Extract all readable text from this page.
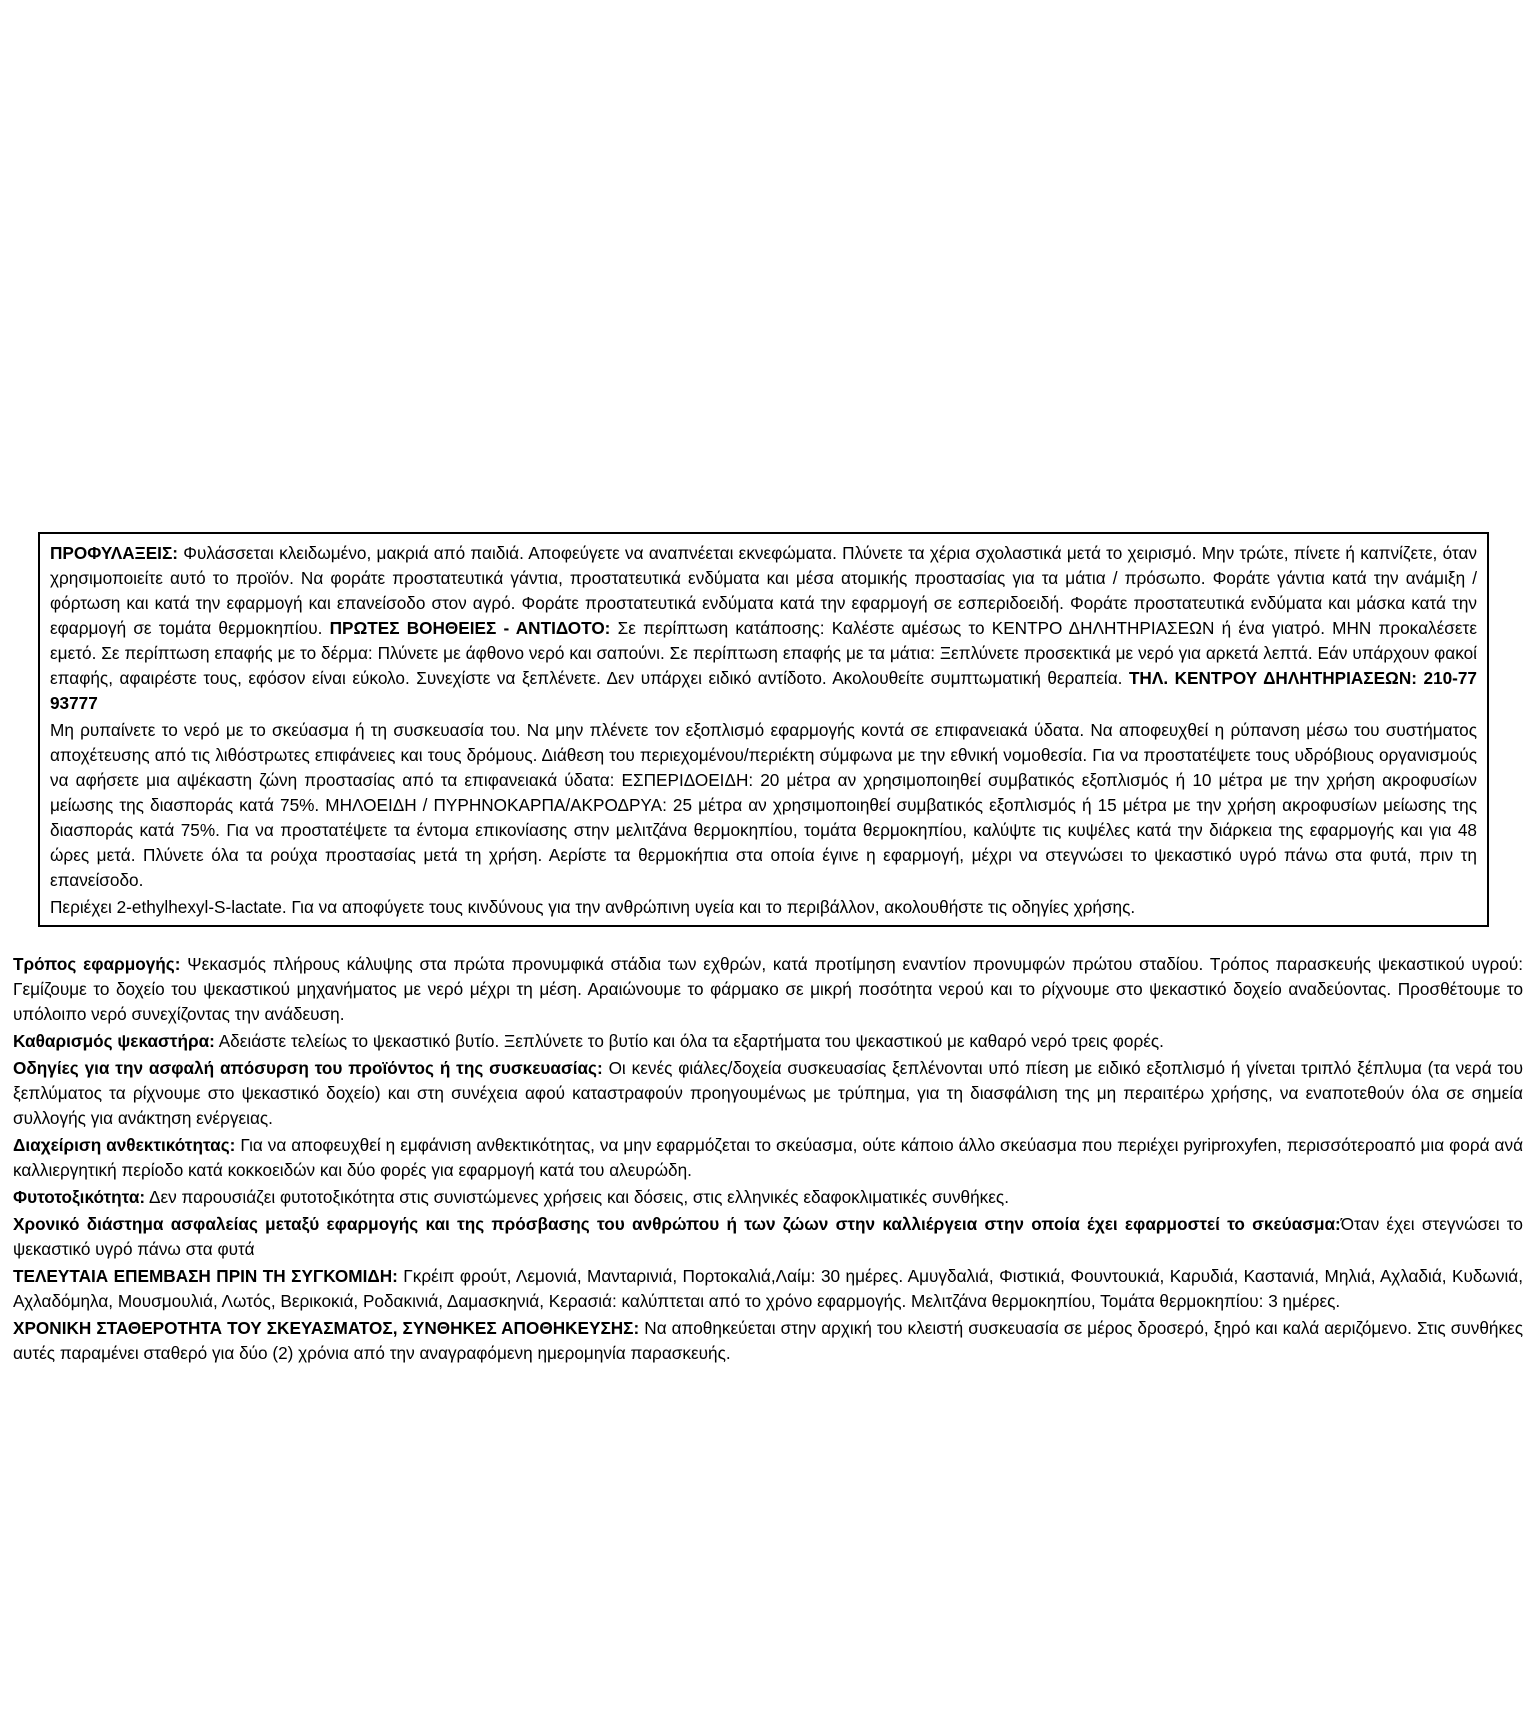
ΠΡΟΦΥΛΑΞΕΙΣ: Φυλάσσεται κλειδωμένο, μακριά από παιδιά. Αποφεύγετε να αναπνέεται εκνεφώματα. Πλύνετε τα χέρια σχολαστικά μετά το χειρισμό. Μην τρώτε, πίνετε ή καπνίζετε, όταν χρησιμοποιείτε αυτό το προϊόν. Να φοράτε προστατευτικά γάντια, προστατευτικά ενδύματα και μέσα ατομικής προστασίας για τα μάτια / πρόσωπο. Φοράτε γάντια κατά την ανάμιξη / φόρτωση και κατά την εφαρμογή και επανείσοδο στον αγρό. Φοράτε προστατευτικά ενδύματα κατά την εφαρμογή σε εσπεριδοειδή. Φοράτε προστατευτικά ενδύματα και μάσκα κατά την εφαρμογή σε τομάτα θερμοκηπίου. ΠΡΩΤΕΣ ΒΟΗΘΕΙΕΣ - ΑΝΤΙΔΟΤΟ: Σε περίπτωση κατάποσης: Καλέστε αμέσως το ΚΕΝΤΡΟ ΔΗΛΗΤΗΡΙΑΣΕΩΝ ή ένα γιατρό. ΜΗΝ προκαλέσετε εμετό. Σε περίπτωση επαφής με το δέρμα: Πλύνετε με άφθονο νερό και σαπούνι. Σε περίπτωση επαφής με τα μάτια: Ξεπλύνετε προσεκτικά με νερό για αρκετά λεπτά. Εάν υπάρχουν φακοί επαφής, αφαιρέστε τους, εφόσον είναι εύκολο. Συνεχίστε να ξεπλένετε. Δεν υπάρχει ειδικό αντίδοτο. Ακολουθείτε συμπτωματική θεραπεία. ΤΗΛ. ΚΕΝΤΡΟΥ ΔΗΛΗΤΗΡΙΑΣΕΩΝ: 210-77 93777

Μη ρυπαίνετε το νερό με το σκεύασμα ή τη συσκευασία του. Να μην πλένετε τον εξοπλισμό εφαρμογής κοντά σε επιφανειακά ύδατα. Να αποφευχθεί η ρύπανση μέσω του συστήματος αποχέτευσης από τις λιθόστρωτες επιφάνειες και τους δρόμους. Διάθεση του περιεχομένου/περιέκτη σύμφωνα με την εθνική νομοθεσία. Για να προστατέψετε τους υδρόβιους οργανισμούς να αφήσετε μια αψέκαστη ζώνη προστασίας από τα επιφανειακά ύδατα: ΕΣΠΕΡΙΔΟΕΙΔΗ: 20 μέτρα αν χρησιμοποιηθεί συμβατικός εξοπλισμός ή 10 μέτρα με την χρήση ακροφυσίων μείωσης της διασποράς κατά 75%. ΜΗΛΟΕΙΔΗ / ΠΥΡΗΝΟΚΑΡΠΑ/ΑΚΡΟΔΡΥΑ: 25 μέτρα αν χρησιμοποιηθεί συμβατικός εξοπλισμός ή 15 μέτρα με την χρήση ακροφυσίων μείωσης της διασποράς κατά 75%. Για να προστατέψετε τα έντομα επικονίασης στην μελιτζάνα θερμοκηπίου, τομάτα θερμοκηπίου, καλύψτε τις κυψέλες κατά την διάρκεια της εφαρμογής και για 48 ώρες μετά. Πλύνετε όλα τα ρούχα προστασίας μετά τη χρήση. Αερίστε τα θερμοκήπια στα οποία έγινε η εφαρμογή, μέχρι να στεγνώσει το ψεκαστικό υγρό πάνω στα φυτά, πριν τη επανείσοδο.

Περιέχει 2-ethylhexyl-S-lactate. Για να αποφύγετε τους κινδύνους για την ανθρώπινη υγεία και το περιβάλλον, ακολουθήστε τις οδηγίες χρήσης.

Τρόπος εφαρμογής: Ψεκασμός πλήρους κάλυψης στα πρώτα προνυμφικά στάδια των εχθρών, κατά προτίμηση εναντίον προνυμφών πρώτου σταδίου. Τρόπος παρασκευής ψεκαστικού υγρού: Γεμίζουμε το δοχείο του ψεκαστικού μηχανήματος με νερό μέχρι τη μέση. Αραιώνουμε το φάρμακο σε μικρή ποσότητα νερού και το ρίχνουμε στο ψεκαστικό δοχείο αναδεύοντας. Προσθέτουμε το υπόλοιπο νερό συνεχίζοντας την ανάδευση.

Καθαρισμός ψεκαστήρα: Αδειάστε τελείως το ψεκαστικό βυτίο. Ξεπλύνετε το βυτίο και όλα τα εξαρτήματα του ψεκαστικού με καθαρό νερό τρεις φορές.

Οδηγίες για την ασφαλή απόσυρση του προϊόντος ή της συσκευασίας: Οι κενές φιάλες/δοχεία συσκευασίας ξεπλένονται υπό πίεση με ειδικό εξοπλισμό ή γίνεται τριπλό ξέπλυμα (τα νερά του ξεπλύματος τα ρίχνουμε στο ψεκαστικό δοχείο) και στη συνέχεια αφού καταστραφούν προηγουμένως με τρύπημα, για τη διασφάλιση της μη περαιτέρω χρήσης, να εναποτεθούν όλα σε σημεία συλλογής για ανάκτηση ενέργειας.

Διαχείριση ανθεκτικότητας: Για να αποφευχθεί η εμφάνιση ανθεκτικότητας, να μην εφαρμόζεται το σκεύασμα, ούτε κάποιο άλλο σκεύασμα που περιέχει pyriproxyfen, περισσότεροαπό μια φορά ανά καλλιεργητική περίοδο κατά κοκκοειδών και δύο φορές για εφαρμογή κατά του αλευρώδη.

Φυτοτοξικότητα: Δεν παρουσιάζει φυτοτοξικότητα στις συνιστώμενες χρήσεις και δόσεις, στις ελληνικές εδαφοκλιματικές συνθήκες.

Χρονικό διάστημα ασφαλείας μεταξύ εφαρμογής και της πρόσβασης του ανθρώπου ή των ζώων στην καλλιέργεια στην οποία έχει εφαρμοστεί το σκεύασμα:Όταν έχει στεγνώσει το ψεκαστικό υγρό πάνω στα φυτά

ΤΕΛΕΥΤΑΙΑ ΕΠΕΜΒΑΣΗ ΠΡΙΝ ΤΗ ΣΥΓΚΟΜΙΔΗ: Γκρέιπ φρούτ, Λεμονιά, Μανταρινιά, Πορτοκαλιά,Λαίμ: 30 ημέρες. Αμυγδαλιά, Φιστικιά, Φουντουκιά, Καρυδιά, Καστανιά, Μηλιά, Αχλαδιά, Κυδωνιά, Αχλαδόμηλα, Μουσμουλιά, Λωτός, Βερικοκιά, Ροδακινιά, Δαμασκηνιά, Κερασιά: καλύπτεται από το χρόνο εφαρμογής. Μελιτζάνα θερμοκηπίου, Τομάτα θερμοκηπίου: 3 ημέρες.

ΧΡΟΝΙΚΗ ΣΤΑΘΕΡΟΤΗΤΑ ΤΟΥ ΣΚΕΥΑΣΜΑΤΟΣ, ΣΥΝΘΗΚΕΣ ΑΠΟΘΗΚΕΥΣΗΣ: Να αποθηκεύεται στην αρχική του κλειστή συσκευασία σε μέρος δροσερό, ξηρό και καλά αεριζόμενο. Στις συνθήκες αυτές παραμένει σταθερό για δύο (2) χρόνια από την αναγραφόμενη ημερομηνία παρασκευής.
